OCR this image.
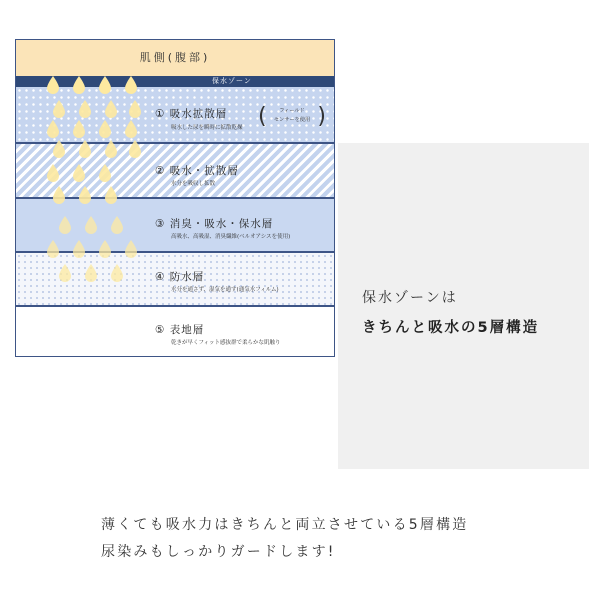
保水ゾーンは
きちんと吸水の5層構造
肌側(腹部)
保水ゾーン
① 吸水拡散層
吸水した尿を瞬時に拡散乾燥 (	フィールド
センサーを使用 )
② 吸水・拡散層
水分を吸収し拡散
③ 消臭・吸水・保水層
高吸水、高吸湿、消臭繊維(ベルオアシスを使用)
④ 防水層
水分を通さず、湿気を通す(通気水フィルム)
⑤ 表地層
乾きが早くフィット感抜群で柔らかな肌触り
薄くても吸水力はきちんと両立させている5層構造
尿染みもしっかりガードします!
